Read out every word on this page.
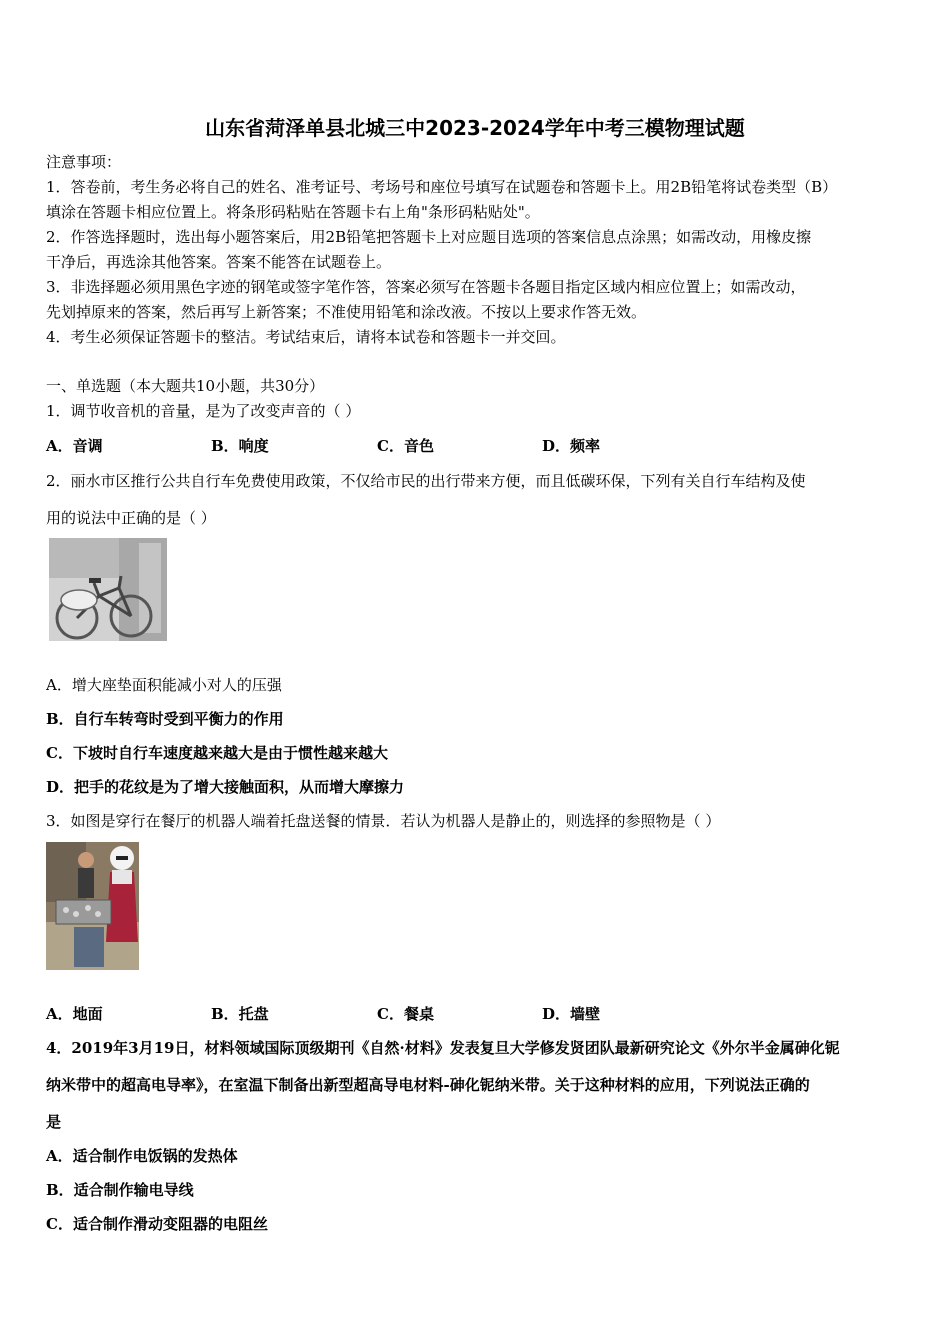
山东省菏泽单县北城三中2023-2024学年中考三模物理试题
注意事项：
1．答卷前，考生务必将自己的姓名、准考证号、考场号和座位号填写在试题卷和答题卡上。用2B铅笔将试卷类型（B）
填涂在答题卡相应位置上。将条形码粘贴在答题卡右上角"条形码粘贴处"。
2．作答选择题时，选出每小题答案后，用2B铅笔把答题卡上对应题目选项的答案信息点涂黑；如需改动，用橡皮擦
干净后，再选涂其他答案。答案不能答在试题卷上。
3．非选择题必须用黑色字迹的钢笔或签字笔作答，答案必须写在答题卡各题目指定区域内相应位置上；如需改动，
先划掉原来的答案，然后再写上新答案；不准使用铅笔和涂改液。不按以上要求作答无效。
4．考生必须保证答题卡的整洁。考试结束后，请将本试卷和答题卡一并交回。
一、单选题（本大题共10小题，共30分）
1．调节收音机的音量，是为了改变声音的（ ）
A．音调	B．响度	C．音色	D．频率
2．丽水市区推行公共自行车免费使用政策，不仅给市民的出行带来方便，而且低碳环保，下列有关自行车结构及使
用的说法中正确的是（ ）
A．增大座垫面积能减小对人的压强
B．自行车转弯时受到平衡力的作用
C．下坡时自行车速度越来越大是由于惯性越来越大
D．把手的花纹是为了增大接触面积，从而增大摩擦力
3．如图是穿行在餐厅的机器人端着托盘送餐的情景．若认为机器人是静止的，则选择的参照物是（ ）
A．地面	B．托盘	C．餐桌	D．墙壁
4．2019年3月19日，材料领域国际顶级期刊《自然·材料》发表复旦大学修发贤团队最新研究论文《外尔半金属砷化铌
纳米带中的超高电导率》，在室温下制备出新型超高导电材料-砷化铌纳米带。关于这种材料的应用，下列说法正确的
是
A．适合制作电饭锅的发热体
B．适合制作输电导线
C．适合制作滑动变阻器的电阻丝
